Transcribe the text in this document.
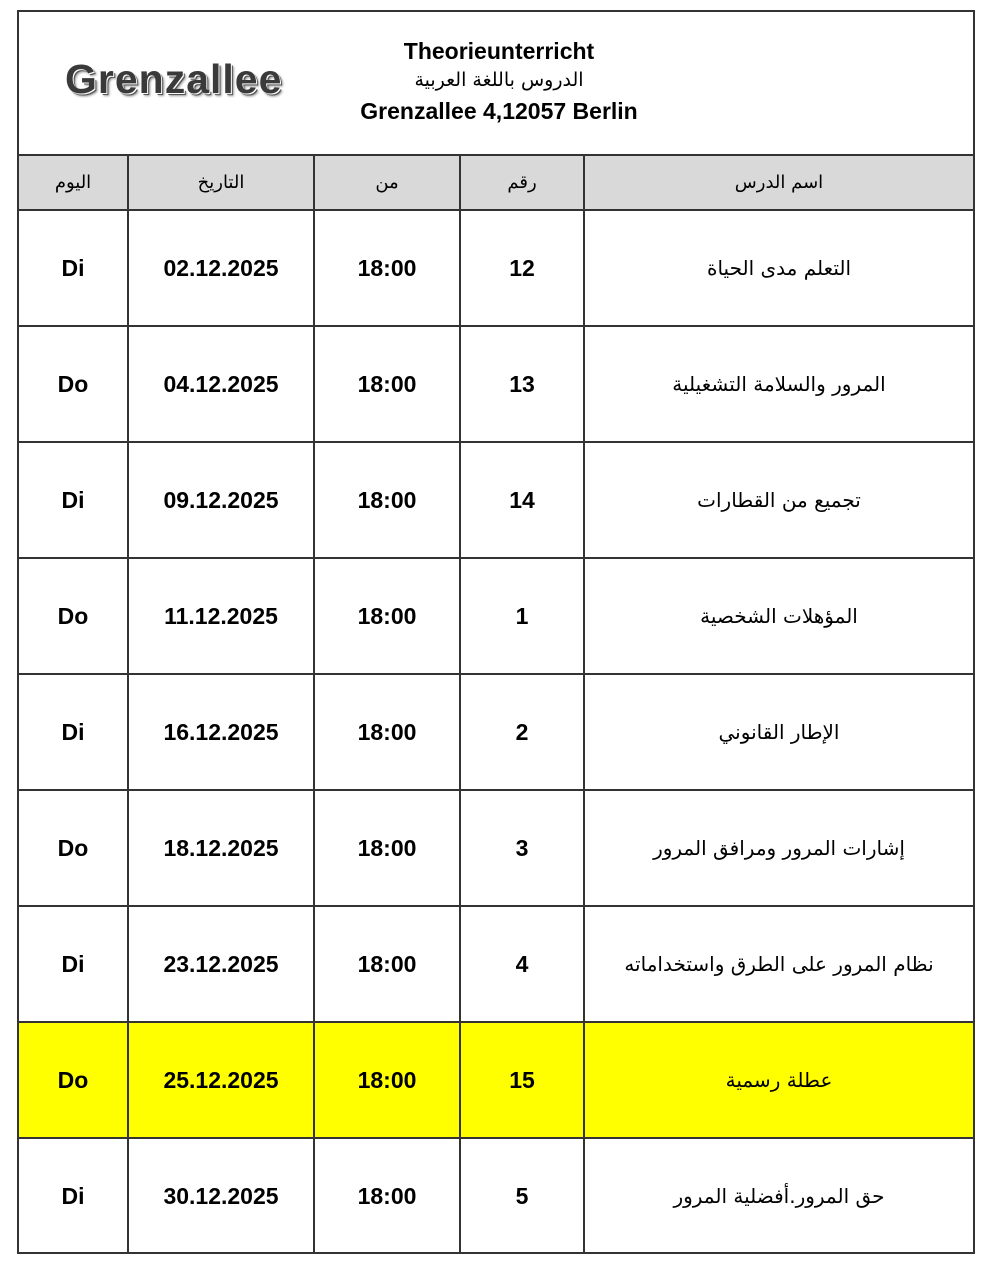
Grenzallee
Theorieunterricht
الدروس باللغة العربية
Grenzallee 4,12057 Berlin
اليوم	التاريخ	من	رقم	اسم الدرس
Di	02.12.2025	18:00	12	التعلم مدى الحياة
Do	04.12.2025	18:00	13	المرور والسلامة التشغيلية
Di	09.12.2025	18:00	14	تجميع من القطارات
Do	11.12.2025	18:00	1	المؤهلات الشخصية
Di	16.12.2025	18:00	2	الإطار القانوني
Do	18.12.2025	18:00	3	إشارات المرور ومرافق المرور
Di	23.12.2025	18:00	4	نظام المرور على الطرق واستخداماته
Do	25.12.2025	18:00	15	عطلة رسمية
Di	30.12.2025	18:00	5	حق المرور.أفضلية المرور
